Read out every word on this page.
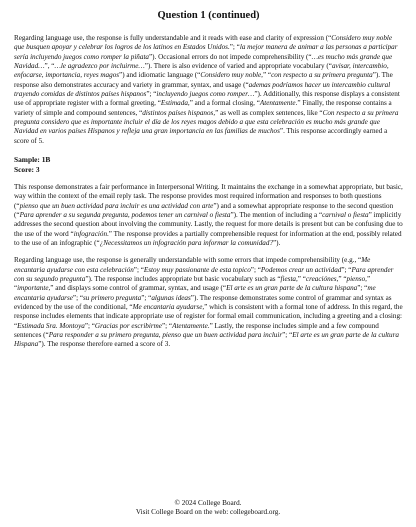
Question 1 (continued)

Regarding language use, the response is fully understandable and it reads with ease and clarity of expression (“Considero muy noble que busquen apoyar y celebrar los logros de los latinos en Estados Unidos.”; “la mejor manera de animar a las personas a participar sería incluyendo juegos como romper la piñata”). Occasional errors do not impede comprehensibility (“…es mucho más grande que Navidad…”, “…le agradezco por incluirme…”). There is also evidence of varied and appropriate vocabulary (“avisar, intercambio, enfocarse, importancia, reyes magos”) and idiomatic language (“Considero muy noble,” “con respecto a su primera pregunta”). The response also demonstrates accuracy and variety in grammar, syntax, and usage (“ademas podríamos hacer un intercambio cultural trayendo comidas de distintos países hispanos”; “incluyendo juegos como romper…”). Additionally, this response displays a consistent use of appropriate register with a formal greeting, “Estimada,” and a formal closing, “Atentamente.” Finally, the response contains a variety of simple and compound sentences, “distintos países hispanos,” as well as complex sentences, like “Con respecto a su primera pregunta considero que es importante incluir el día de los reyes magos debido a que esta celebración es mucho más grande que Navidad en varios países Hispanos y refleja una gran importancia en las familias de muchos”. This response accordingly earned a score of 5.

Sample: 1B

Score: 3

This response demonstrates a fair performance in Interpersonal Writing. It maintains the exchange in a somewhat appropriate, but basic, way within the context of the email reply task. The response provides most required information and responses to both questions (“pienso que un buen actividad para incluir es una actividad con arte”) and a somewhat appropriate response to the second question (“Para aprender a su segunda pregunta, podemos tener un carnival o fiesta”). The mention of including a “carnival o fiesta” implicitly addresses the second question about involving the community. Lastly, the request for more details is present but can be confusing due to the use of the word “infogración.” The response provides a partially comprehensible request for information at the end, possibly related to the use of an infographic (“¿Necessitamos un infogración para informar la comunidad?”).

Regarding language use, the response is generally understandable with some errors that impede comprehensibility (e.g., “Me encantaria ayudarse con esta celebración”; “Estoy muy passionante de esta topico”; “Podemos crear un actividad”; “Para aprender con su segundo pregunta”). The response includes appropriate but basic vocabulary such as “fiesta,” “creaciónes,” “pienso,” “importante,” and displays some control of grammar, syntax, and usage (“El arte es un gran parte de la cultura hispana”; “me encantaria ayudarse”; “su primero pregunta”; “algunas ideas”). The response demonstrates some control of grammar and syntax as evidenced by the use of the conditional, “Me encantaria ayudarse,” which is consistent with a formal tone of address. In this regard, the response includes elements that indicate appropriate use of register for formal email communication, including a greeting and a closing: “Estimada Sra. Montoya”; “Gracias por escribirme”; “Atentamente.” Lastly, the response includes simple and a few compound sentences (“Para responder a su primero pregunta, pienso que un buen actividad para incluir”; “El arte es un gran parte de la cultura Hispana”). The response therefore earned a score of 3.

© 2024 College Board.
Visit College Board on the web: collegeboard.org.
